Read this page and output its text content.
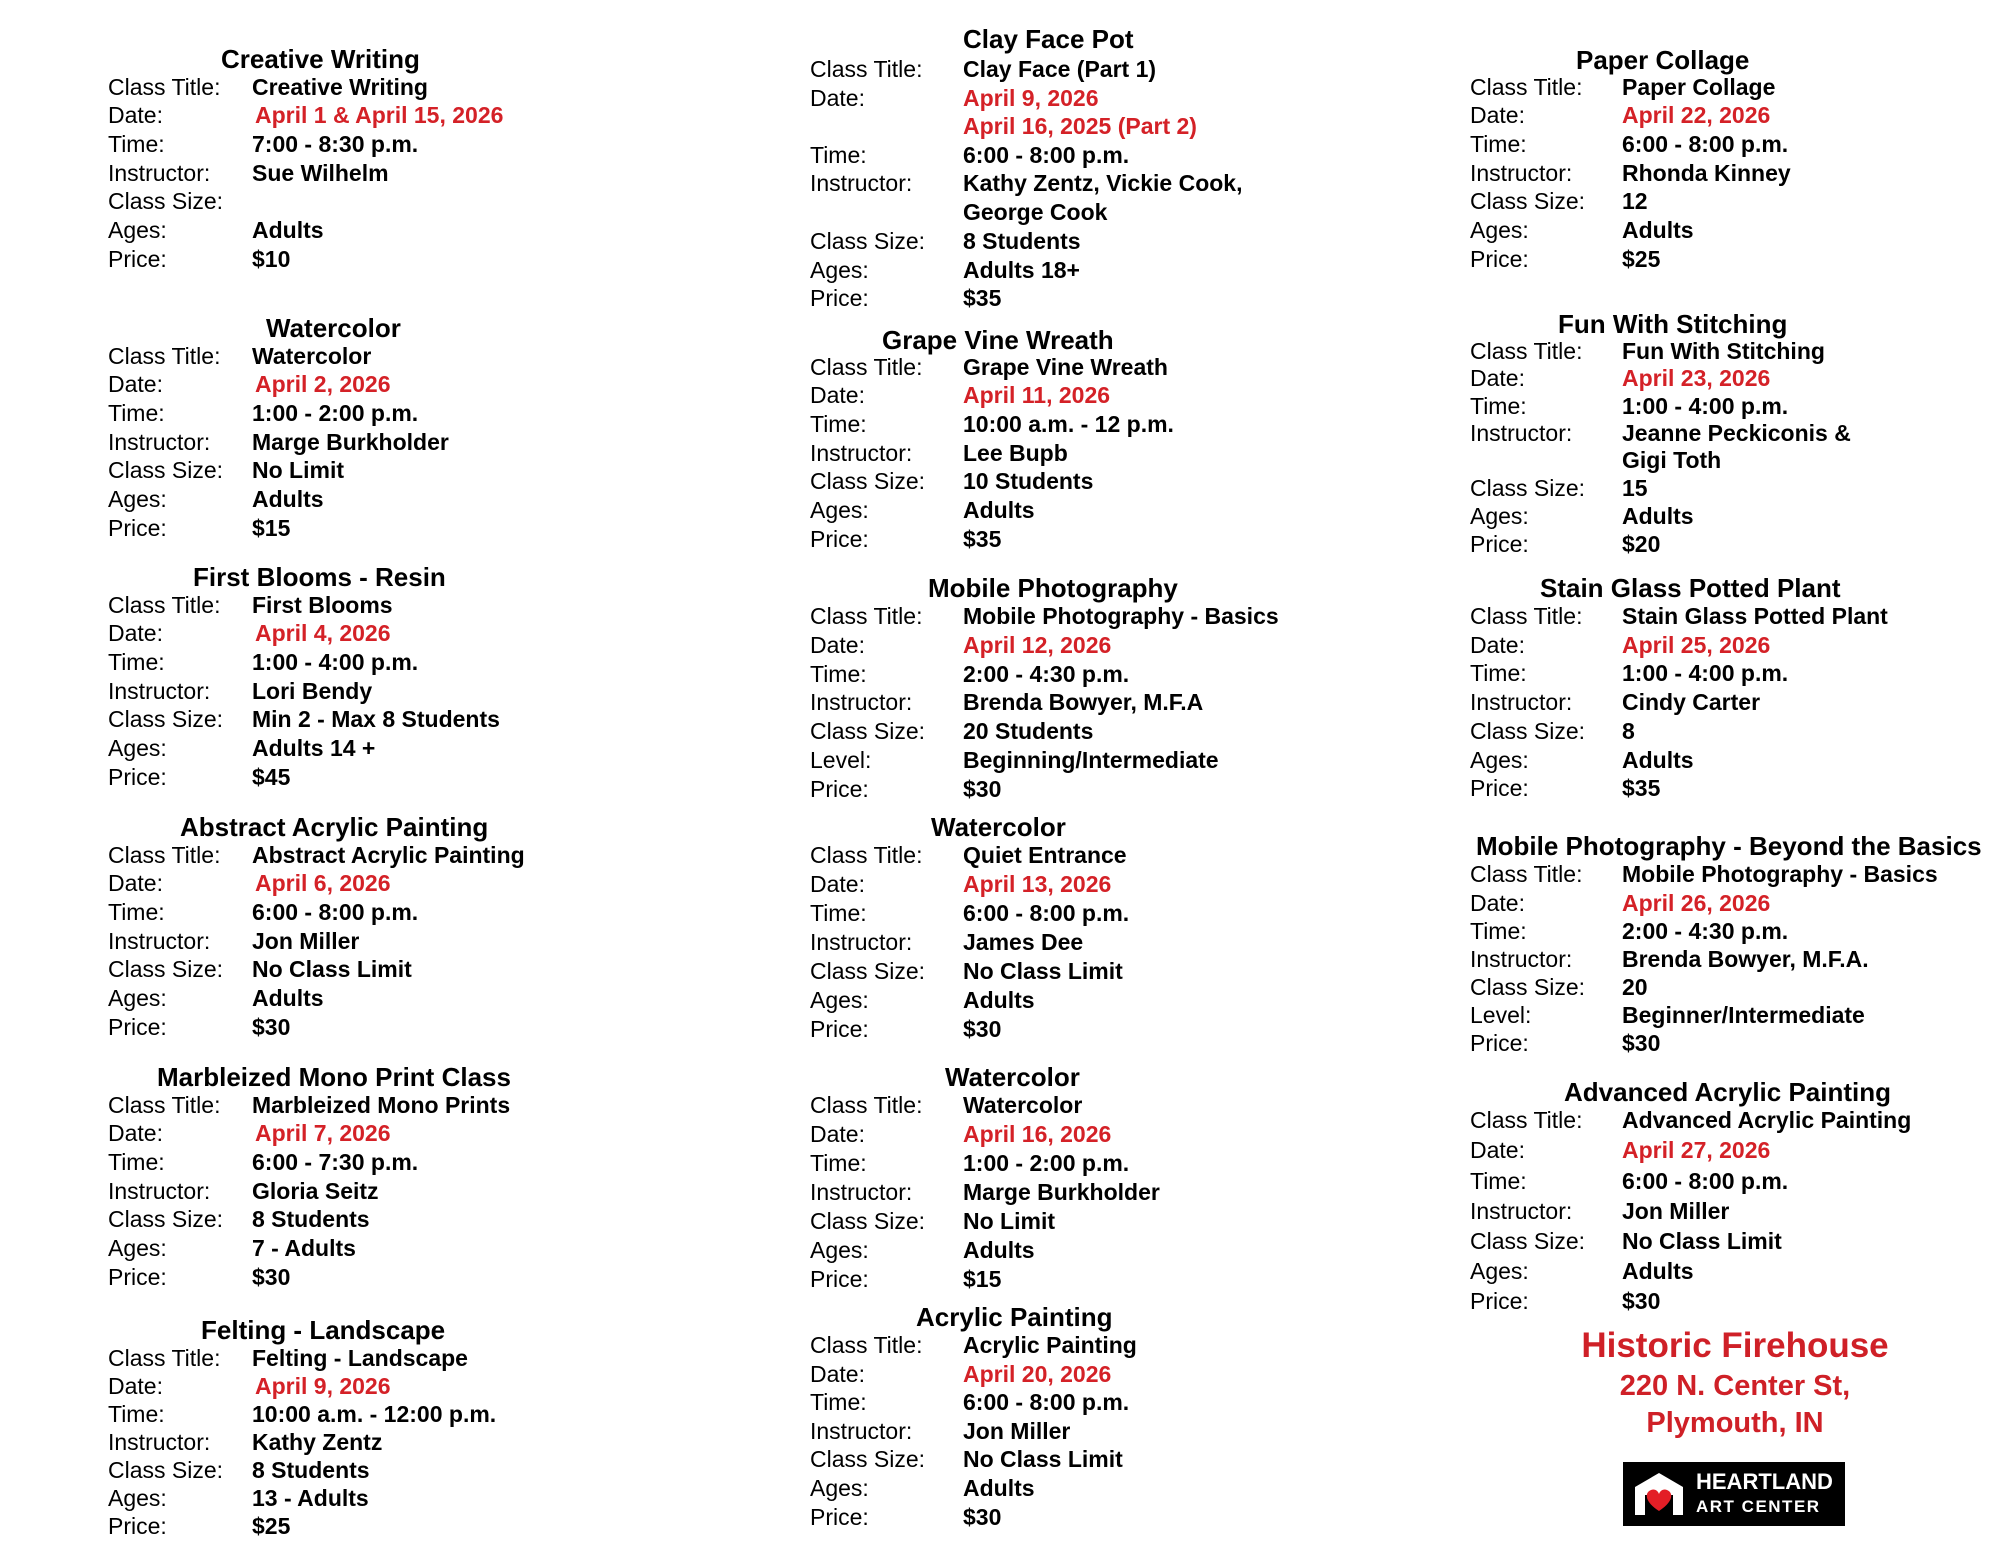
Creative Writing
Class Title: Creative Writing
Date:	April 1 & April 15, 2026
Time:	7:00 - 8:30 p.m.
Instructor: Sue Wilhelm
Class Size:
Ages:	Adults
Price:	$10
Watercolor
Class Title: Watercolor
Date:	April 2, 2026
Time:	1:00 - 2:00 p.m.
Instructor: Marge Burkholder
Class Size: No Limit
Ages:	Adults
Price:	$15
First Blooms - Resin
Class Title: First Blooms
Date:	April 4, 2026
Time:	1:00 - 4:00 p.m.
Instructor: Lori Bendy
Class Size: Min 2 - Max 8 Students
Ages:	Adults 14 +
Price:	$45
Abstract Acrylic Painting
Class Title: Abstract Acrylic Painting
Date:	April 6, 2026
Time:	6:00 - 8:00 p.m.
Instructor: Jon Miller
Class Size: No Class Limit
Ages:	Adults
Price:	$30
Marbleized Mono Print Class
Class Title: Marbleized Mono Prints
Date:	April 7, 2026
Time:	6:00 - 7:30 p.m.
Instructor: Gloria Seitz
Class Size: 8 Students
Ages:	7 - Adults
Price:	$30
Felting - Landscape
Class Title: Felting - Landscape
Date:	April 9, 2026
Time:	10:00 a.m. - 12:00 p.m.
Instructor: Kathy Zentz
Class Size: 8 Students
Ages:	13 - Adults
Price:	$25
Clay Face Pot
Class Title: Clay Face (Part 1)
Date:	April 9, 2026
April 16, 2025 (Part 2)
Time:	6:00 - 8:00 p.m.
Instructor: Kathy Zentz, Vickie Cook,
George Cook
Class Size: 8 Students
Ages:	Adults 18+
Price:	$35
Grape Vine Wreath
Class Title: Grape Vine Wreath
Date:	April 11, 2026
Time:	10:00 a.m. - 12 p.m.
Instructor: Lee Bupb
Class Size: 10 Students
Ages:	Adults
Price:	$35
Mobile Photography
Class Title: Mobile Photography - Basics
Date:	April 12, 2026
Time:	2:00 - 4:30 p.m.
Instructor: Brenda Bowyer, M.F.A
Class Size: 20 Students
Level:	Beginning/Intermediate
Price:	$30
Watercolor
Class Title: Quiet Entrance
Date:	April 13, 2026
Time:	6:00 - 8:00 p.m.
Instructor: James Dee
Class Size: No Class Limit
Ages:	Adults
Price:	$30
Watercolor
Class Title: Watercolor
Date:	April 16, 2026
Time:	1:00 - 2:00 p.m.
Instructor: Marge Burkholder
Class Size: No Limit
Ages:	Adults
Price:	$15
Acrylic Painting
Class Title: Acrylic Painting
Date:	April 20, 2026
Time:	6:00 - 8:00 p.m.
Instructor: Jon Miller
Class Size: No Class Limit
Ages:	Adults
Price:	$30
Paper Collage
Class Title: Paper Collage
Date:	April 22, 2026
Time:	6:00 - 8:00 p.m.
Instructor: Rhonda Kinney
Class Size: 12
Ages:	Adults
Price:	$25
Fun With Stitching
Class Title: Fun With Stitching
Date:	April 23, 2026
Time:	1:00 - 4:00 p.m.
Instructor: Jeanne Peckiconis &
Gigi Toth
Class Size: 15
Ages:	Adults
Price:	$20
Stain Glass Potted Plant
Class Title: Stain Glass Potted Plant
Date:	April 25, 2026
Time:	1:00 - 4:00 p.m.
Instructor: Cindy Carter
Class Size: 8
Ages:	Adults
Price:	$35
Mobile Photography - Beyond the Basics
Class Title: Mobile Photography - Basics
Date:	April 26, 2026
Time:	2:00 - 4:30 p.m.
Instructor: Brenda Bowyer, M.F.A.
Class Size: 20
Level:	Beginner/Intermediate
Price:	$30
Advanced Acrylic Painting
Class Title: Advanced Acrylic Painting
Date:	April 27, 2026
Time:	6:00 - 8:00 p.m.
Instructor: Jon Miller
Class Size: No Class Limit
Ages:	Adults
Price:	$30
Historic Firehouse
220 N. Center St,
Plymouth, IN
HEARTLAND
ART CENTER
